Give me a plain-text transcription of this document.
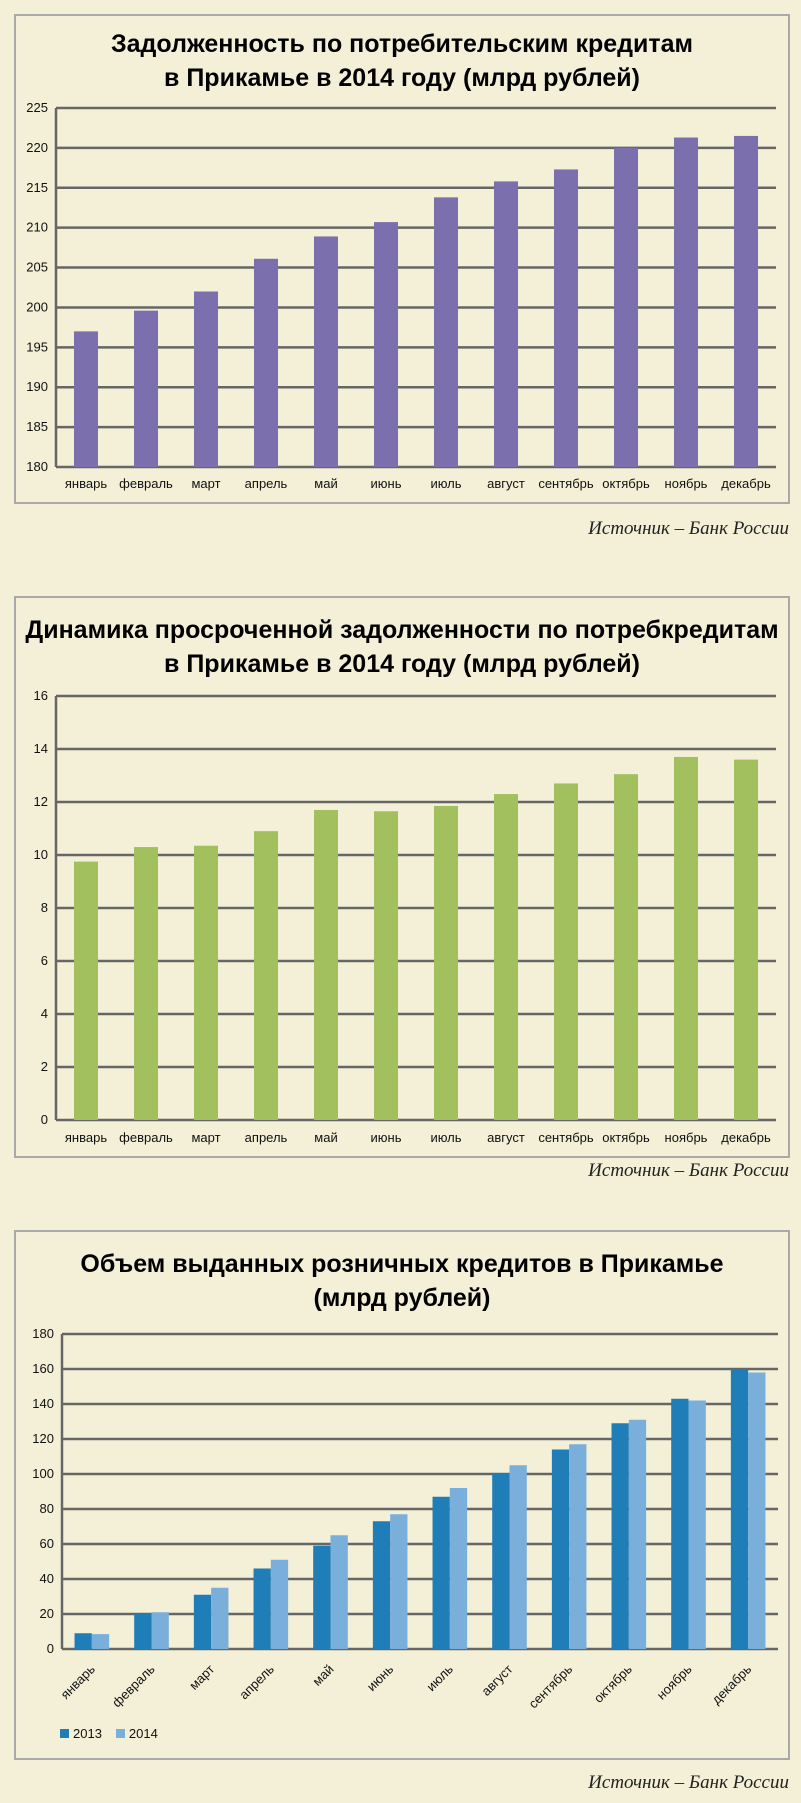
Задолженность по потребительским кредитам
в Прикамье в 2014 году (млрд рублей)
180
185
190
195
200
205
210
215
220
225
январь февраль март апрель май	июнь июль август сентябрь октябрь ноябрь декабрь
Источник – Банк России
Динамика просроченной задолженности по потребкредитам
в Прикамье в 2014 году (млрд рублей)
0
2
4
6
8
10
12
14
16
январь февраль март апрель май	июнь июль август сентябрь октябрь ноябрь декабрь
Источник – Банк России
Объем выданных розничных кредитов в Прикамье
(млрд рублей)
0
20
40
60
80
100
120
140
160
180
январь февраль март апрель май июнь июль август сентябрь октябрь ноябрь декабрь
2013 2014
Источник – Банк России
